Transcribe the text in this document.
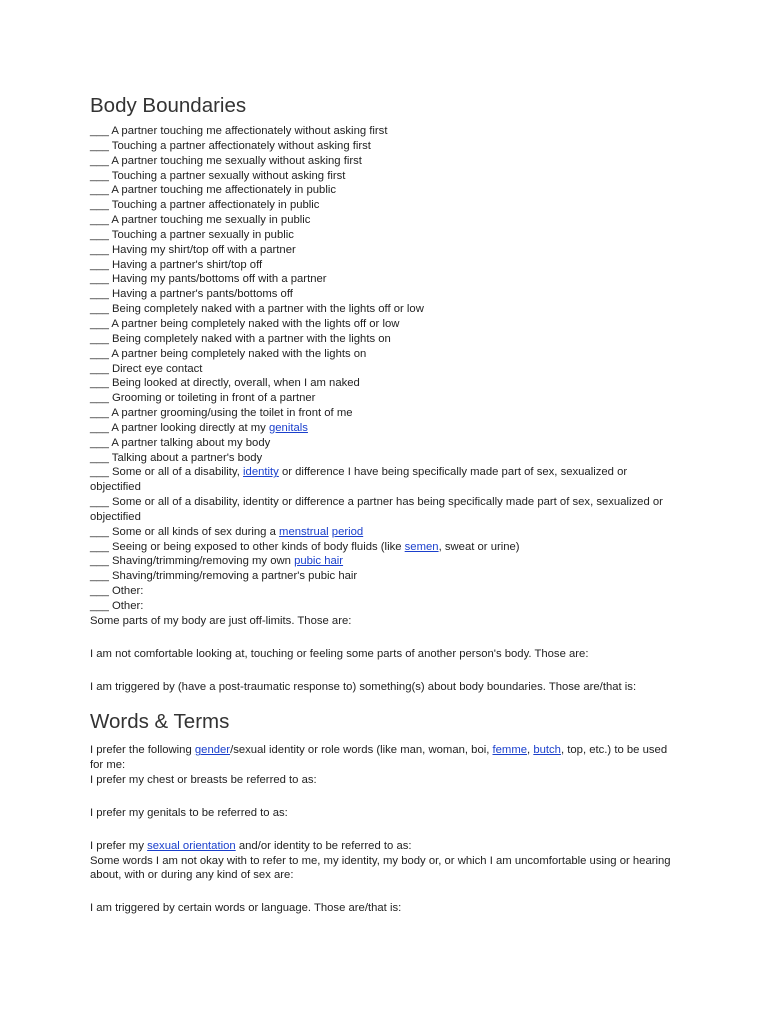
Body Boundaries
___ A partner touching me affectionately without asking first
___ Touching a partner affectionately without asking first
___ A partner touching me sexually without asking first
___ Touching a partner sexually without asking first
___ A partner touching me affectionately in public
___ Touching a partner affectionately in public
___ A partner touching me sexually in public
___ Touching a partner sexually in public
___ Having my shirt/top off with a partner
___ Having a partner's shirt/top off
___ Having my pants/bottoms off with a partner
___ Having a partner's pants/bottoms off
___ Being completely naked with a partner with the lights off or low
___ A partner being completely naked with the lights off or low
___ Being completely naked with a partner with the lights on
___ A partner being completely naked with the lights on
___ Direct eye contact
___ Being looked at directly, overall, when I am naked
___ Grooming or toileting in front of a partner
___ A partner grooming/using the toilet in front of me
___ A partner looking directly at my genitals
___ A partner talking about my body
___ Talking about a partner's body
___ Some or all of a disability, identity or difference I have being specifically made part of sex, sexualized or objectified
___ Some or all of a disability, identity or difference a partner has being specifically made part of sex, sexualized or objectified
___ Some or all kinds of sex during a menstrual period
___ Seeing or being exposed to other kinds of body fluids (like semen, sweat or urine)
___ Shaving/trimming/removing my own pubic hair
___ Shaving/trimming/removing a partner's pubic hair
___ Other:
___ Other:
Some parts of my body are just off-limits. Those are:
I am not comfortable looking at, touching or feeling some parts of another person's body. Those are:
I am triggered by (have a post-traumatic response to) something(s) about body boundaries. Those are/that is:
Words & Terms
I prefer the following gender/sexual identity or role words (like man, woman, boi, femme, butch, top, etc.) to be used for me:
I prefer my chest or breasts be referred to as:
I prefer my genitals to be referred to as:
I prefer my sexual orientation and/or identity to be referred to as:
Some words I am not okay with to refer to me, my identity, my body or, or which I am uncomfortable using or hearing about, with or during any kind of sex are:
I am triggered by certain words or language. Those are/that is:
